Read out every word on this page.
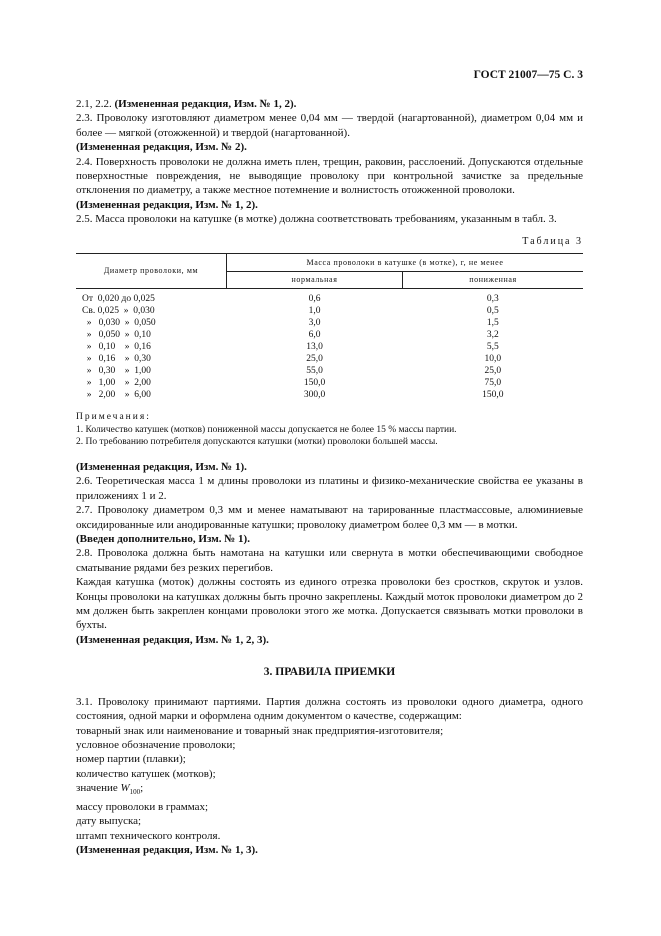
ГОСТ 21007—75 С. 3

2.1, 2.2. (Измененная редакция, Изм. № 1, 2).

2.3. Проволоку изготовляют диаметром менее 0,04 мм — твердой (нагартованной), диаметром 0,04 мм и более — мягкой (отожженной) и твердой (нагартованной).

(Измененная редакция, Изм. № 2).

2.4. Поверхность проволоки не должна иметь плен, трещин, раковин, расслоений. Допускаются отдельные поверхностные повреждения, не выводящие проволоку при контрольной зачистке за предельные отклонения по диаметру, а также местное потемнение и волнистость отожженной проволоки.

(Измененная редакция, Изм. № 1, 2).

2.5. Масса проволоки на катушке (в мотке) должна соответствовать требованиям, указанным в табл. 3.

Таблица 3
Диаметр проволоки, мм	Масса проволоки в катушке (в мотке), г, не менее	
	нормальная	пониженная

От  0,020 до 0,025	0,6	0,3
Св. 0,025  »  0,030	1,0	0,5
»   0,030  »  0,050	3,0	1,5
»   0,050  »  0,10	6,0	3,2
»   0,10    »  0,16	13,0	5,5
»   0,16    »  0,30	25,0	10,0
»   0,30    »  1,00	55,0	25,0
»   1,00    »  2,00	150,0	75,0
»   2,00    »  6,00	300,0	150,0
Примечания:
1. Количество катушек (мотков) пониженной массы допускается не более 15 % массы партии.
2. По требованию потребителя допускаются катушки (мотки) проволоки большей массы.

(Измененная редакция, Изм. № 1).

2.6. Теоретическая масса 1 м длины проволоки из платины и физико-механические свойства ее указаны в приложениях 1 и 2.

2.7. Проволоку диаметром 0,3 мм и менее наматывают на тарированные пластмассовые, алюминиевые оксидированные или анодированные катушки; проволоку диаметром более 0,3 мм — в мотки.

(Введен дополнительно, Изм. № 1).

2.8. Проволока должна быть намотана на катушки или свернута в мотки обеспечивающими свободное сматывание рядами без резких перегибов.

Каждая катушка (моток) должны состоять из единого отрезка проволоки без сростков, скруток и узлов. Концы проволоки на катушках должны быть прочно закреплены. Каждый моток проволоки диаметром до 2 мм должен быть закреплен концами проволоки этого же мотка. Допускается связывать мотки проволоки в бухты.

(Измененная редакция, Изм. № 1, 2, 3).

3. ПРАВИЛА ПРИЕМКИ

3.1. Проволоку принимают партиями. Партия должна состоять из проволоки одного диаметра, одного состояния, одной марки и оформлена одним документом о качестве, содержащим:

товарный знак или наименование и товарный знак предприятия-изготовителя;
условное обозначение проволоки;
номер партии (плавки);
количество катушек (мотков);
значение $W_{100}$;
массу проволоки в граммах;
дату выпуска;
штамп технического контроля.

(Измененная редакция, Изм. № 1, 3).
